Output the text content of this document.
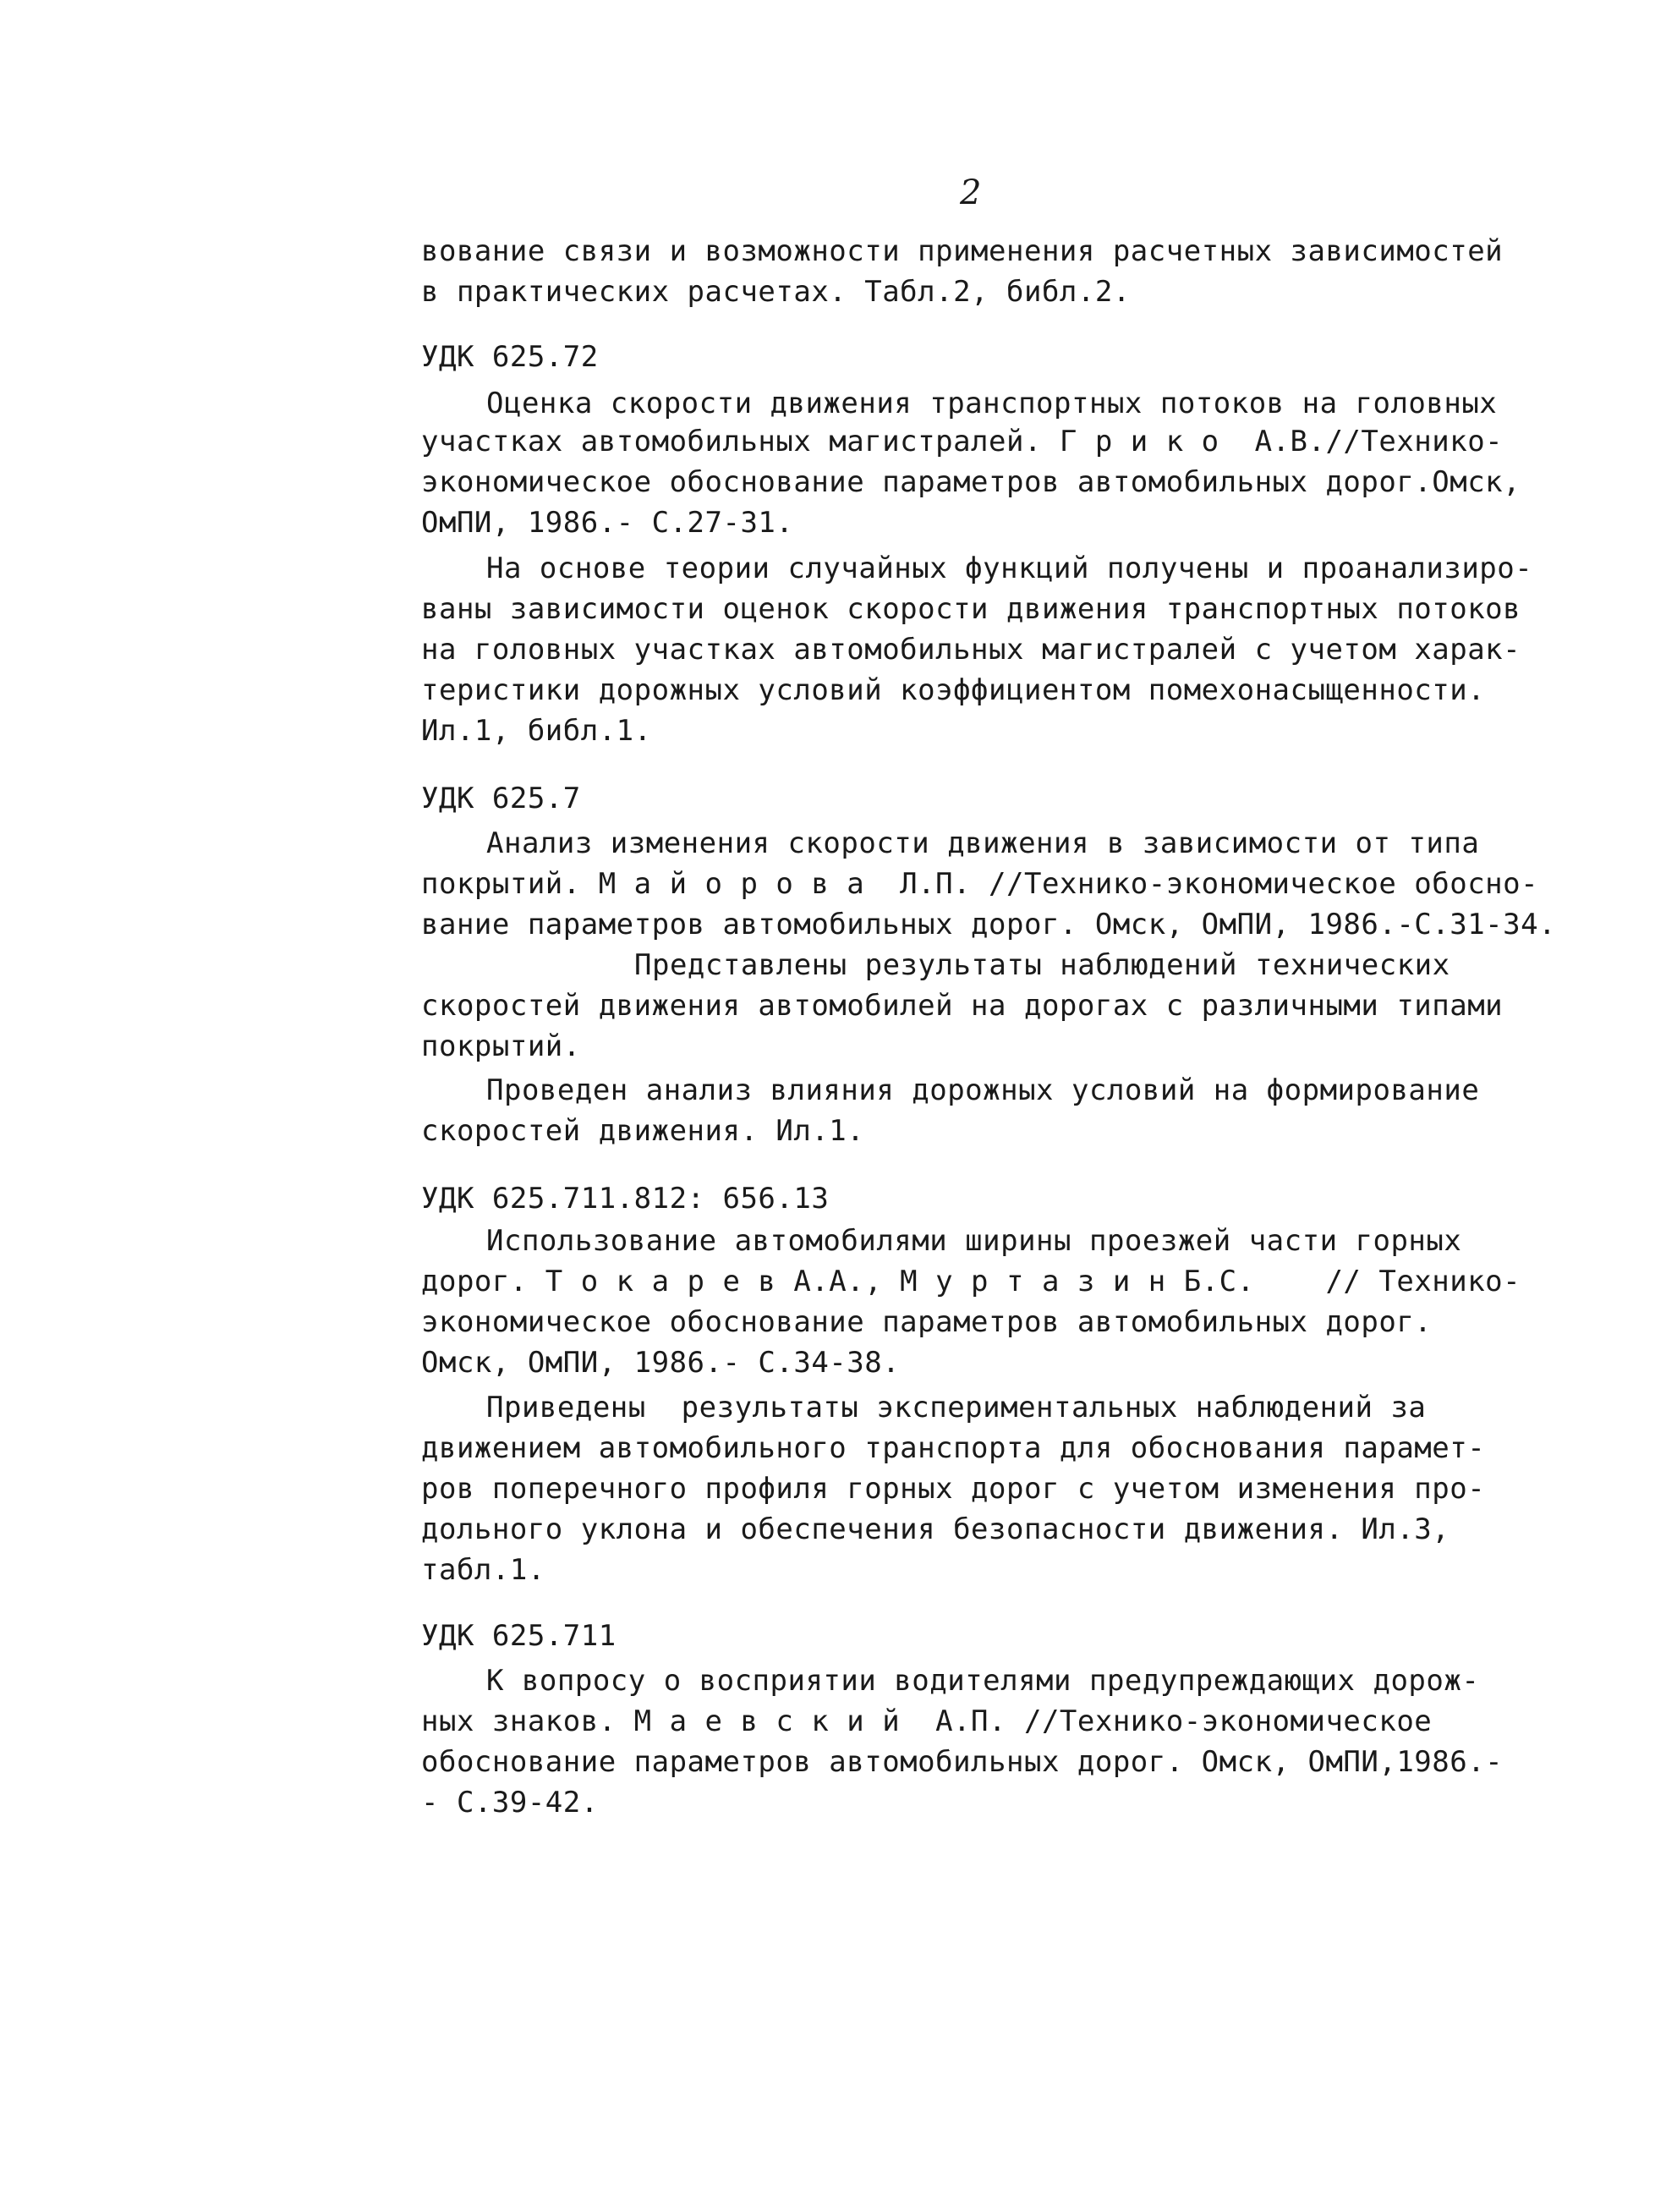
2
вование связи и возможности применения расчетных зависимостей
в практических расчетах. Табл.2, библ.2.
УДК 625.72
Оценка скорости движения транспортных потоков на головных
участках автомобильных магистралей. Г р и к о  А.В.//Технико-
экономическое обоснование параметров автомобильных дорог.Омск,
ОмПИ, 1986.- С.27-31.
На основе теории случайных функций получены и проанализиро-
ваны зависимости оценок скорости движения транспортных потоков
на головных участках автомобильных магистралей с учетом харак-
теристики дорожных условий коэффициентом помехонасыщенности.
Ил.1, библ.1.
УДК 625.7
Анализ изменения скорости движения в зависимости от типа
покрытий. М а й о р о в а  Л.П. //Технико-экономическое обосно-
вание параметров автомобильных дорог. Омск, ОмПИ, 1986.-С.31-34.
Представлены результаты наблюдений технических
скоростей движения автомобилей на дорогах с различными типами
покрытий.
Проведен анализ влияния дорожных условий на формирование
скоростей движения. Ил.1.
УДК 625.711.812: 656.13
Использование автомобилями ширины проезжей части горных
дорог. Т о к а р е в А.А., М у р т а з и н Б.С.    // Технико-
экономическое обоснование параметров автомобильных дорог.
Омск, ОмПИ, 1986.- С.34-38.
Приведены  результаты экспериментальных наблюдений за
движением автомобильного транспорта для обоснования парамет-
ров поперечного профиля горных дорог с учетом изменения про-
дольного уклона и обеспечения безопасности движения. Ил.3,
табл.1.
УДК 625.711
К вопросу о восприятии водителями предупреждающих дорож-
ных знаков. М а е в с к и й  А.П. //Технико-экономическое
обоснование параметров автомобильных дорог. Омск, ОмПИ,1986.-
- С.39-42.
